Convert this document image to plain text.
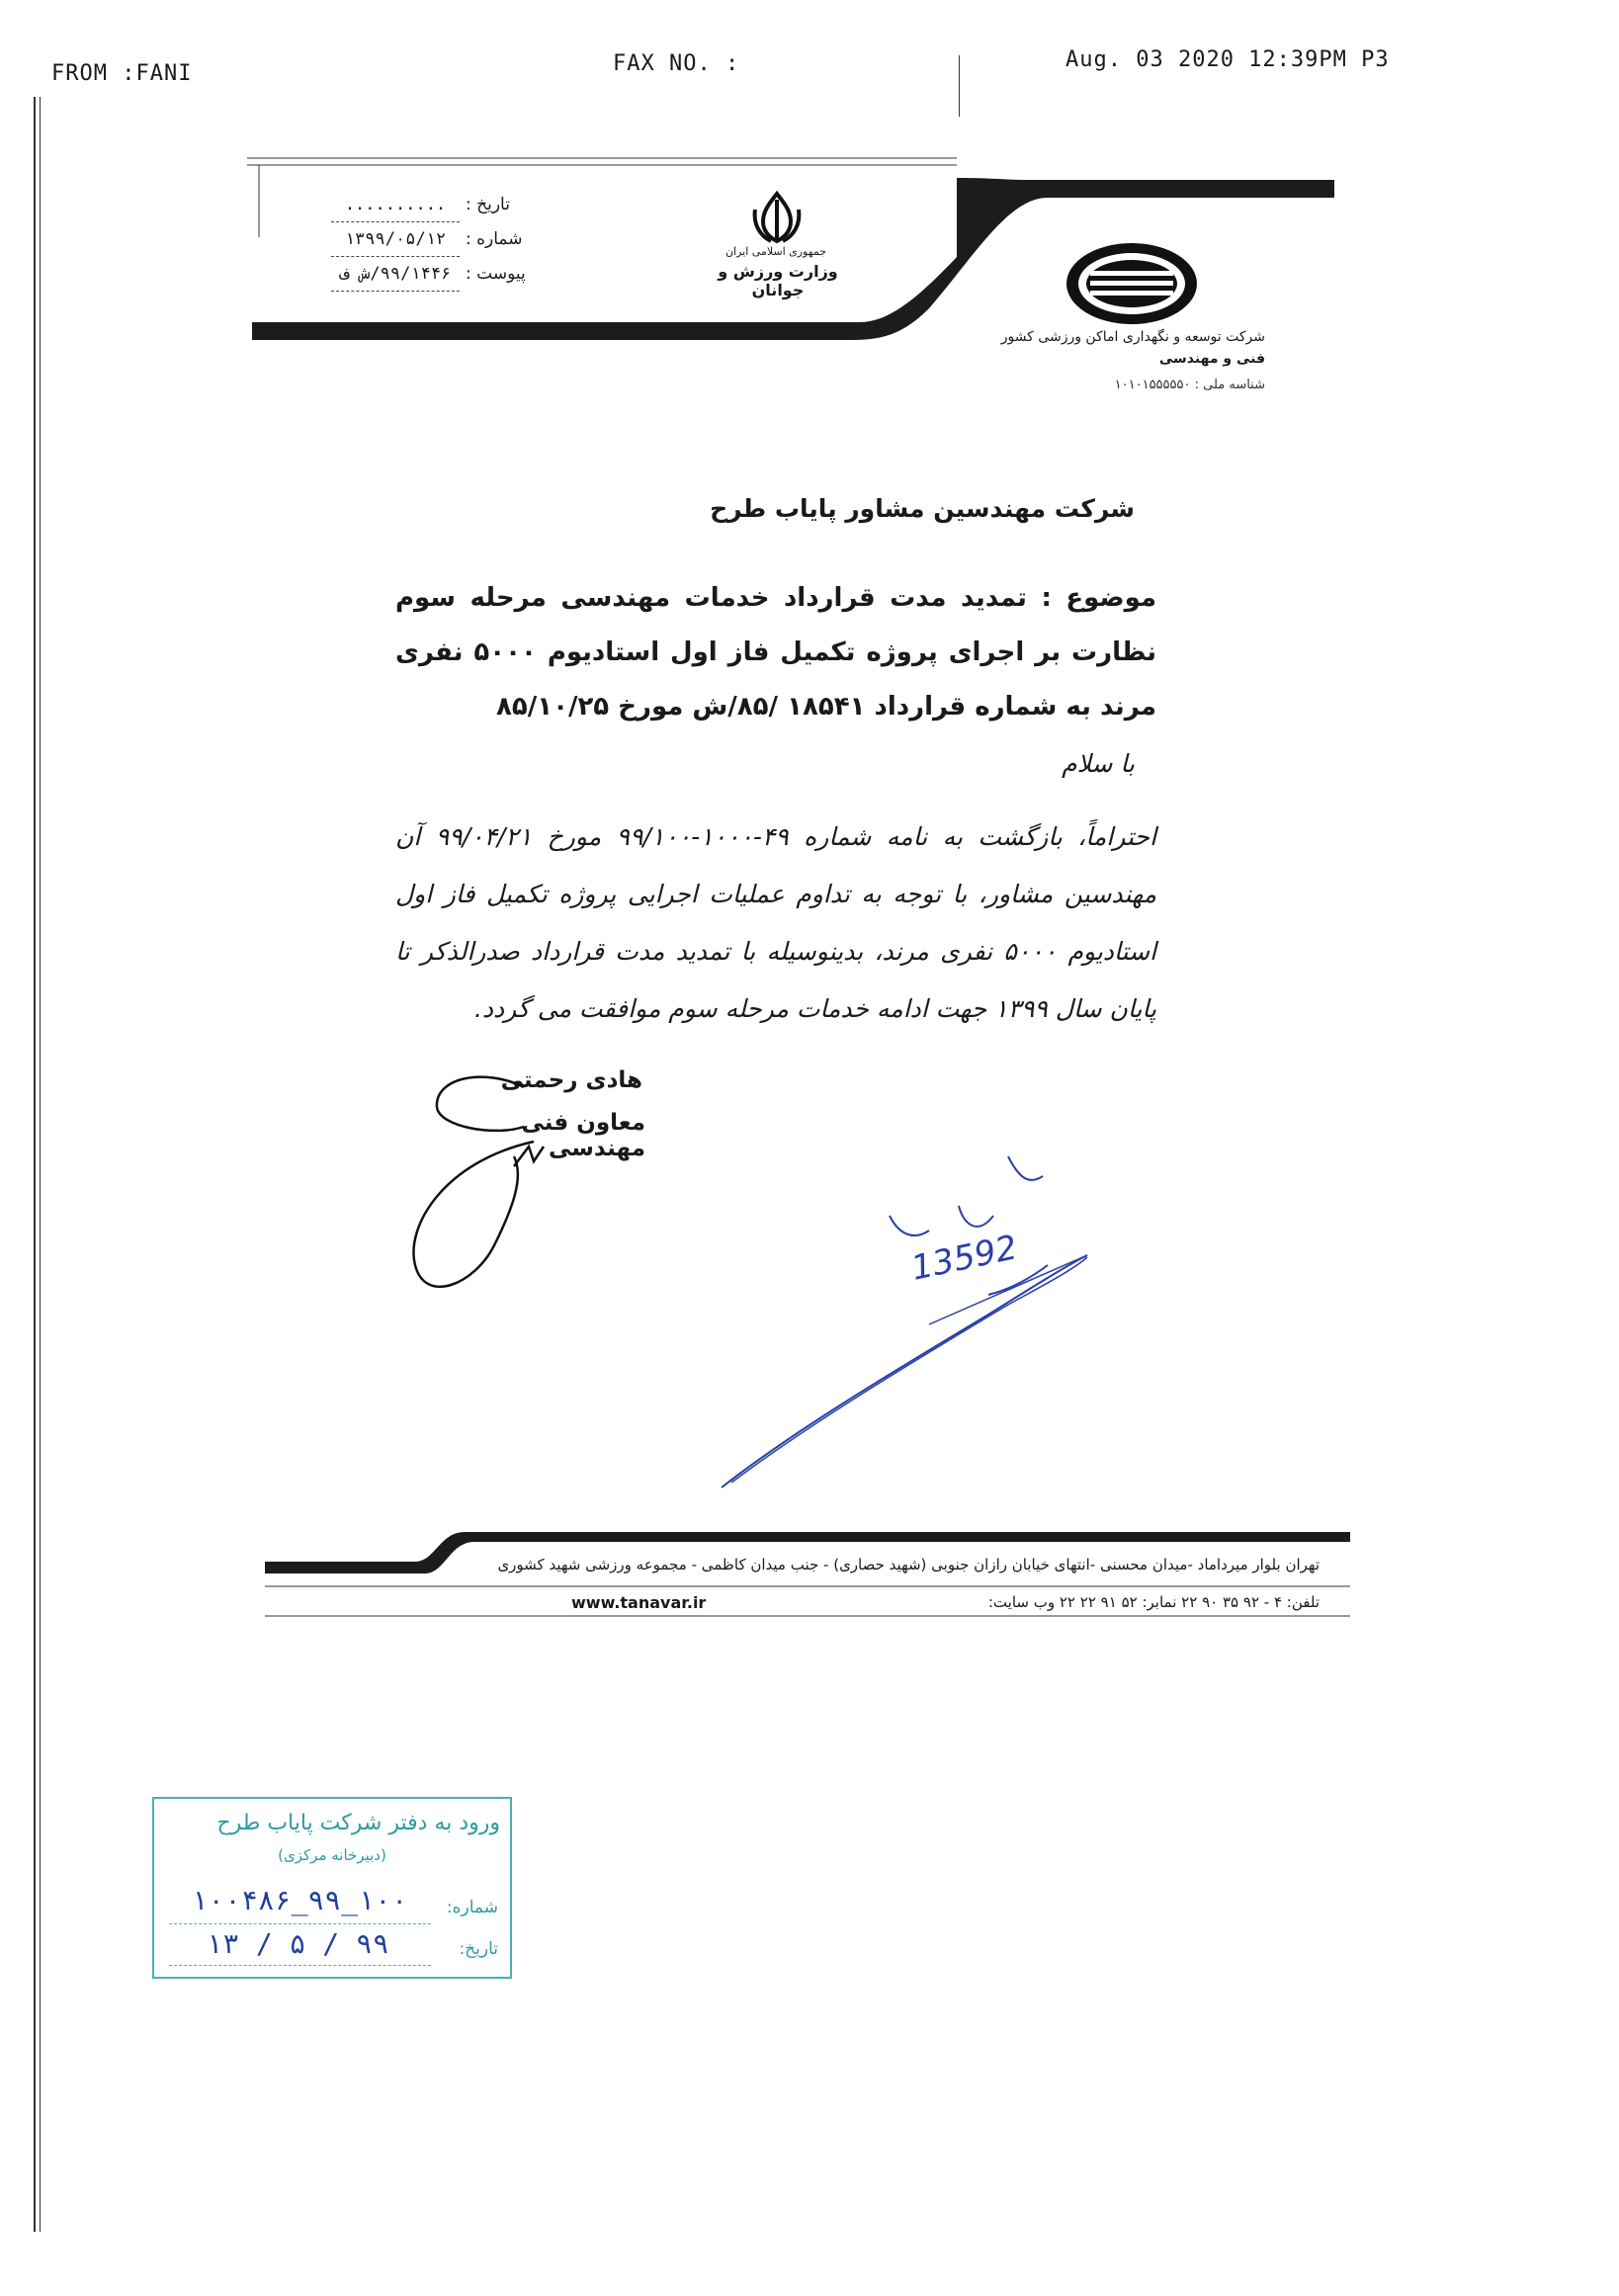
FROM :FANI	FAX NO. :	Aug. 03 2020 12:39PM P3
تاریخ :
..........
شماره :
۱۳۹۹/۰۵/۱۲
پیوست :
۹۹/۱۴۴۶/ش ف
جمهوری اسلامی ایران
وزارت ورزش و جوانان
شرکت توسعه و نگهداری اماکن ورزشی کشور
فنی و مهندسی
شناسه ملی : ۱۰۱۰۱۵۵۵۵۵۰
شرکت مهندسین مشاور پایاب طرح
موضوع : تمدید مدت قرارداد خدمات مهندسی مرحله سوم نظارت بر اجرای پروژه تکمیل فاز اول استادیوم ۵۰۰۰ نفری مرند به شماره قرارداد ۱۸۵۴۱ /۸۵/ش مورخ ۸۵/۱۰/۲۵
با سلام
احتراماً، بازگشت به نامه شماره ۴۹-۱۰۰۰-۹۹/۱۰۰ مورخ ۹۹/۰۴/۲۱ آن مهندسین مشاور، با توجه به تداوم عملیات اجرایی پروژه تکمیل فاز اول استادیوم ۵۰۰۰ نفری مرند، بدینوسیله با تمدید مدت قرارداد صدرالذکر تا پایان سال ۱۳۹۹ جهت ادامه خدمات مرحله سوم موافقت می گردد.
هادی رحمتی
معاون فنی مهندسی
13592
تهران بلوار میرداماد -میدان محسنی -انتهای خیابان رازان جنوبی (شهید حصاری) - جنب میدان کاظمی - مجموعه ورزشی شهید کشوری
تلفن: ۴ - ۹۲ ۳۵ ۹۰ ۲۲ نمابر: ۵۲ ۹۱ ۲۲ ۲۲ وب سایت:
www.tanavar.ir
ورود به دفتر شرکت پایاب طرح
(دبیرخانه مرکزی)
شماره:
۱۰۰_۹۹_۱۰۰۴۸۶
تاریخ:
۹۹ / ۵ / ۱۳
